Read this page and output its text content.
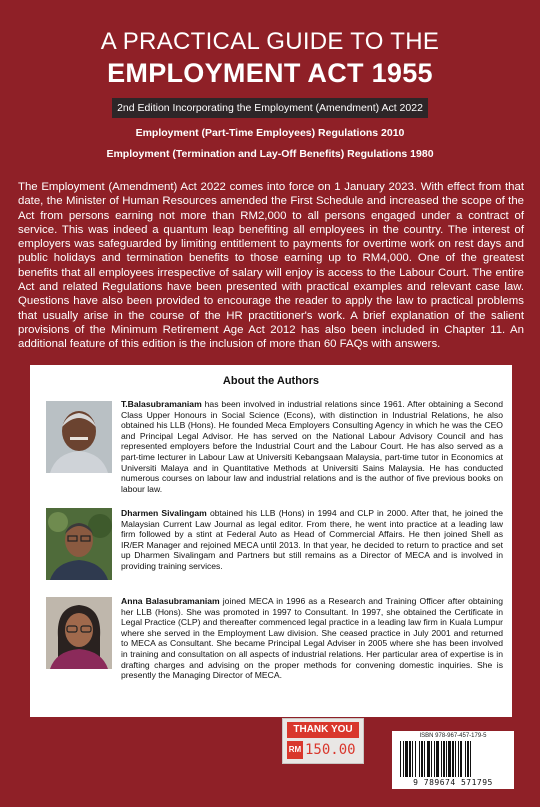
A PRACTICAL GUIDE TO THE
EMPLOYMENT ACT 1955
2nd Edition Incorporating the Employment (Amendment) Act 2022
Employment (Part-Time Employees) Regulations 2010
Employment (Termination and Lay-Off Benefits) Regulations 1980

The Employment (Amendment) Act 2022 comes into force on 1 January 2023. With effect from that date, the Minister of Human Resources amended the First Schedule and increased the scope of the Act from persons earning not more than RM2,000 to all persons engaged under a contract of service. This was indeed a quantum leap benefiting all employees in the country. The interest of employers was safeguarded by limiting entitlement to payments for overtime work on rest days and public holidays and termination benefits to those earning up to RM4,000. One of the greatest benefits that all employees irrespective of salary will enjoy is access to the Labour Court. The entire Act and related Regulations have been presented with practical examples and relevant case law. Questions have also been provided to encourage the reader to apply the law to practical problems that usually arise in the course of the HR practitioner's work. A brief explanation of the salient provisions of the Minimum Retirement Age Act 2012 has also been included in Chapter 11. An additional feature of this edition is the inclusion of more than 60 FAQs with answers.

About the Authors

T.Balasubramaniam has been involved in industrial relations since 1961. After obtaining a Second Class Upper Honours in Social Science (Econs), with distinction in Industrial Relations, he also obtained his LLB (Hons). He founded Meca Employers Consulting Agency in which he was the CEO and Principal Legal Advisor. He has served on the National Labour Advisory Council and has represented employers before the Industrial Court and the Labour Court. He has also served as a part-time lecturer in Labour Law at Universiti Kebangsaan Malaysia, part-time tutor in Economics at Universiti Malaya and in Quantitative Methods at Universiti Sains Malaysia. He has conducted numerous courses on labour law and industrial relations and is the author of five previous books on labour law.

Dharmen Sivalingam obtained his LLB (Hons) in 1994 and CLP in 2000. After that, he joined the Malaysian Current Law Journal as legal editor. From there, he went into practice at a leading law firm followed by a stint at Federal Auto as Head of Commercial Affairs. He then joined Shell as IR/ER Manager and rejoined MECA until 2013. In that year, he decided to return to practice and set up Dharmen Sivalingam and Partners but still remains as a Director of MECA and is involved in providing training services.

Anna Balasubramaniam joined MECA in 1996 as a Research and Training Officer after obtaining her LLB (Hons). She was promoted in 1997 to Consultant. In 1997, she obtained the Certificate in Legal Practice (CLP) and thereafter commenced legal practice in a leading law firm in Kuala Lumpur where she served in the Employment Law division. She ceased practice in July 2001 and returned to MECA as Consultant. She became Principal Legal Adviser in 2005 where she has been involved in training and consultation on all aspects of industrial relations. Her particular area of expertise is in drafting charges and advising on the proper methods for convening domestic inquiries. She is presently the Managing Director of MECA.

THANK YOU
RM 150.00
ISBN 978-967-457-179-5
9 789674 571795
